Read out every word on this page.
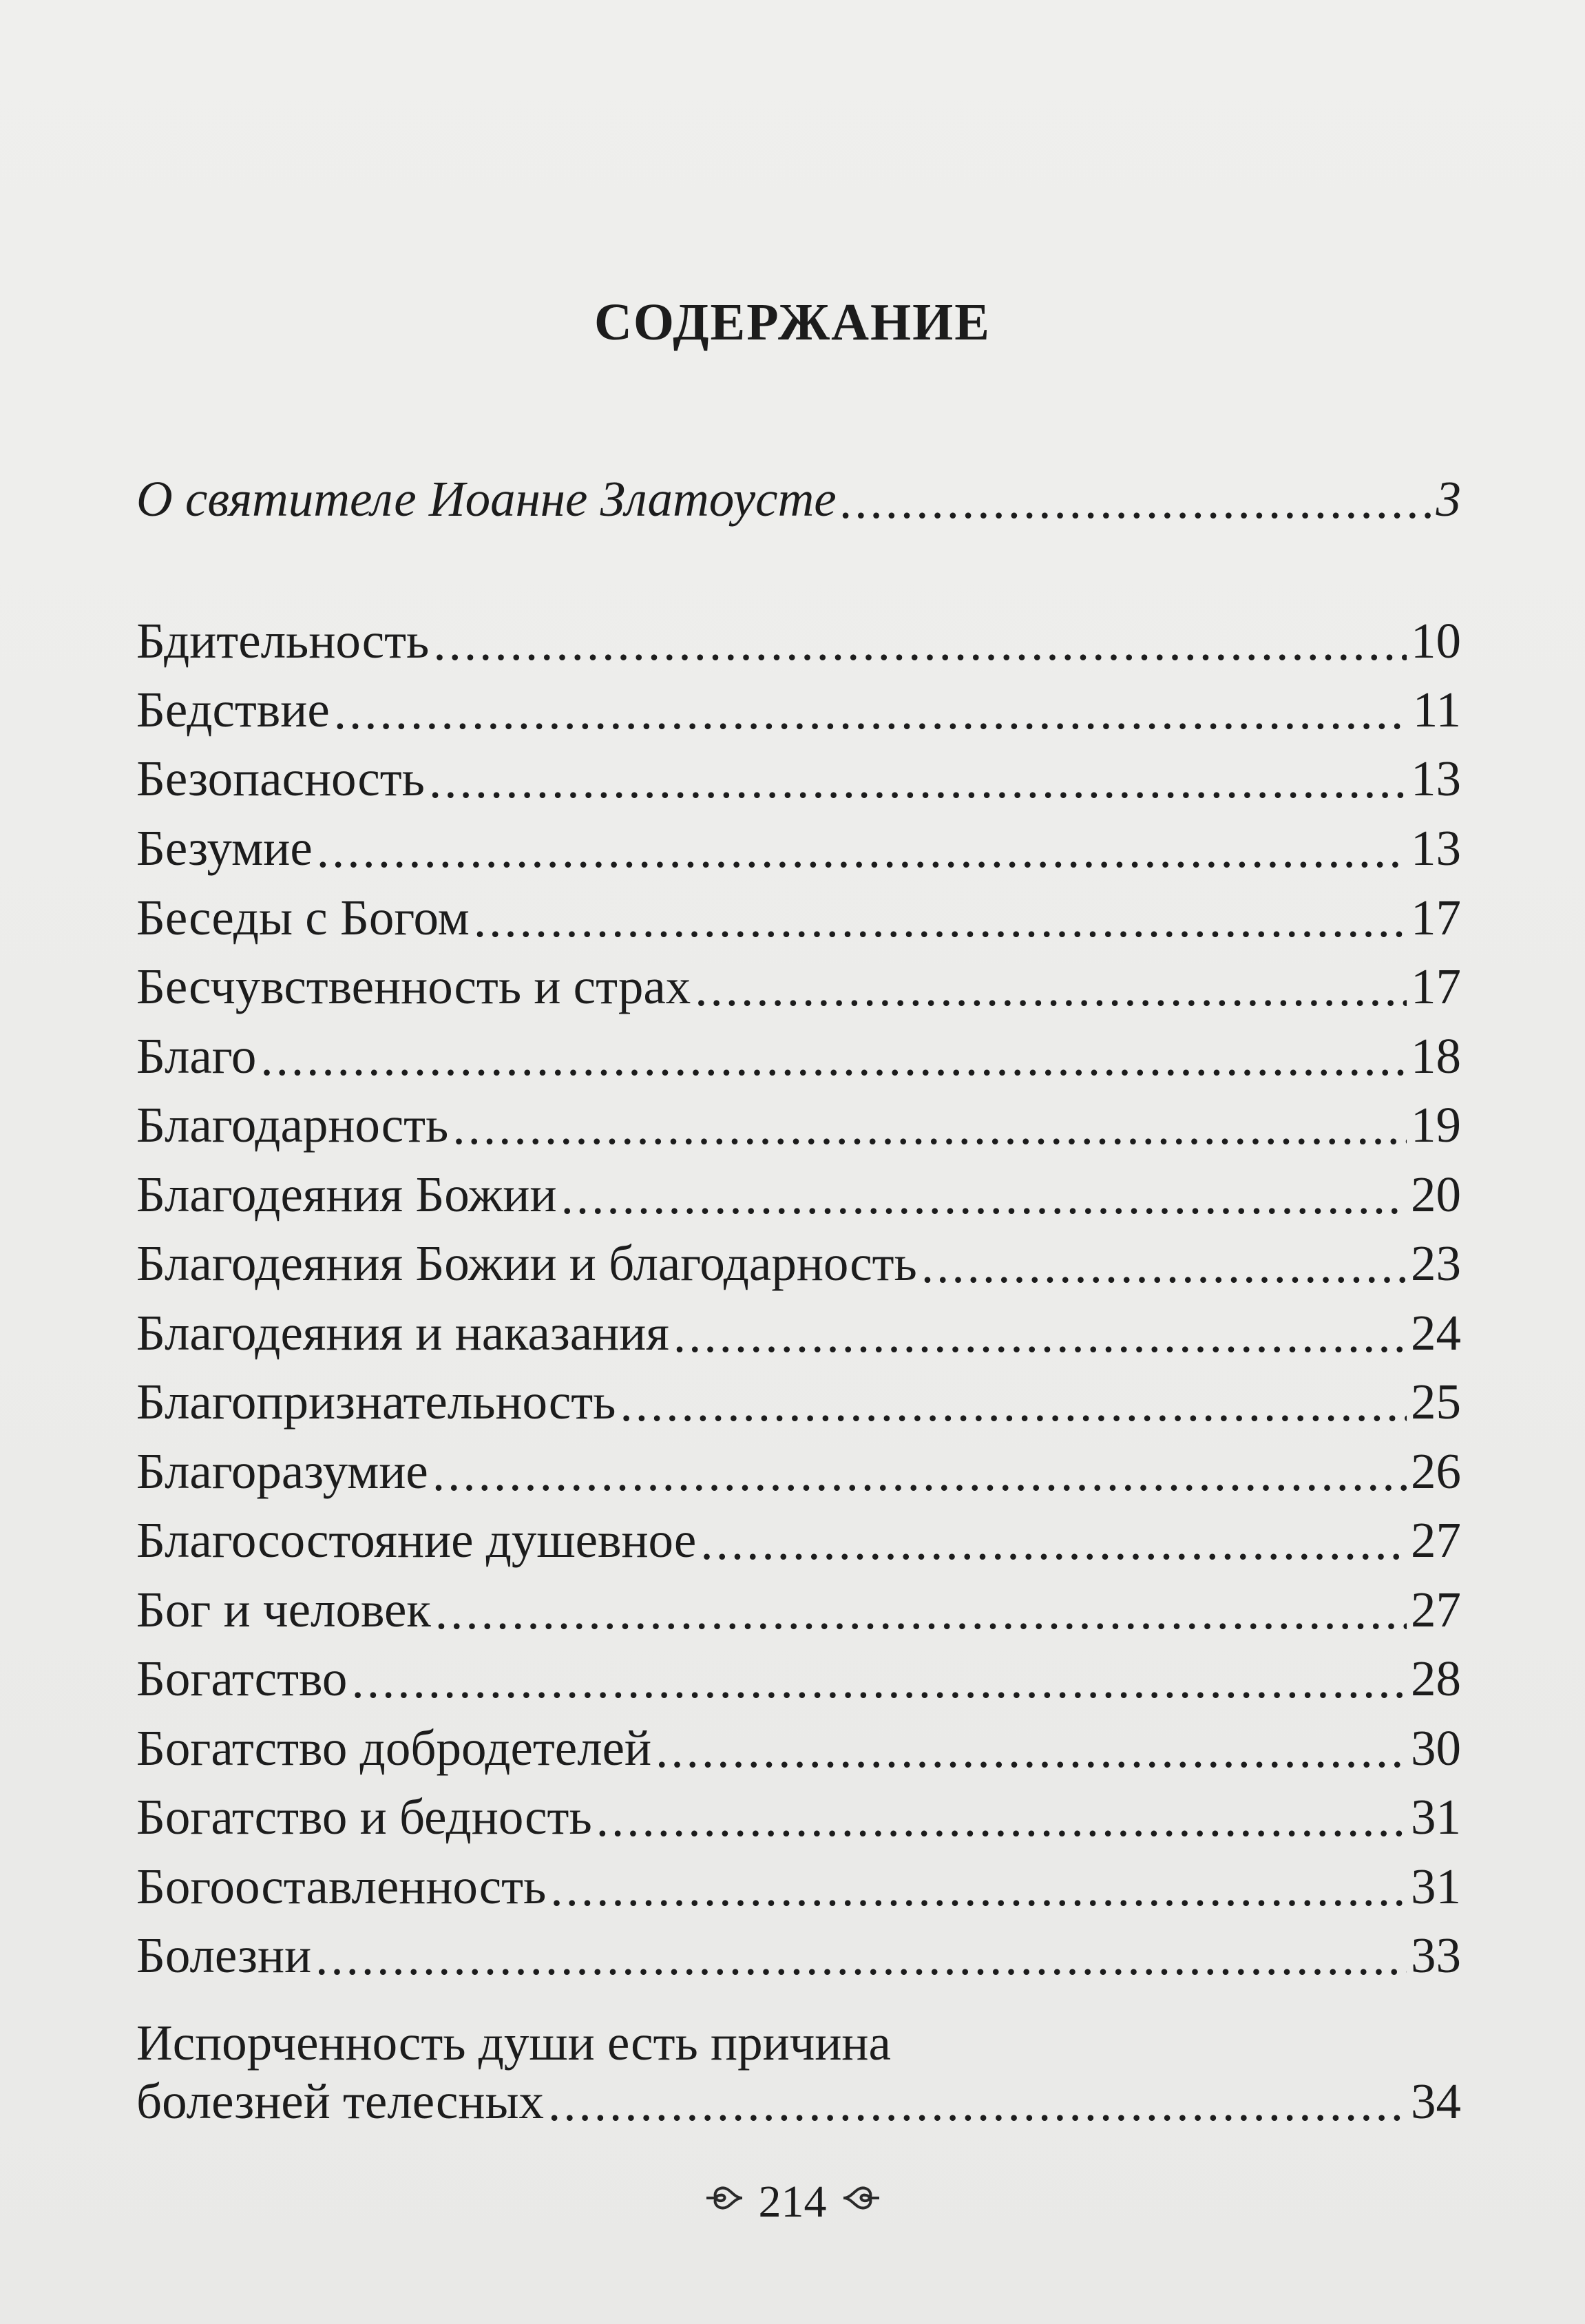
СОДЕРЖАНИЕ
О святителе Иоанне Златоусте .....	3
Бдительность .....	10
Бедствие .....	11
Безопасность .....	13
Безумие .....	13
Беседы с Богом .....	17
Бесчувственность и страх .....	17
Благо .....	18
Благодарность .....	19
Благодеяния Божии .....	20
Благодеяния Божии и благодарность .....	23
Благодеяния и наказания .....	24
Благопризнательность .....	25
Благоразумие .....	26
Благосостояние душевное .....	27
Бог и человек .....	27
Богатство .....	28
Богатство добродетелей .....	30
Богатство и бедность .....	31
Богооставленность .....	31
Болезни .....	33
Испорченность души есть причина
болезней телесных .....	34
214
